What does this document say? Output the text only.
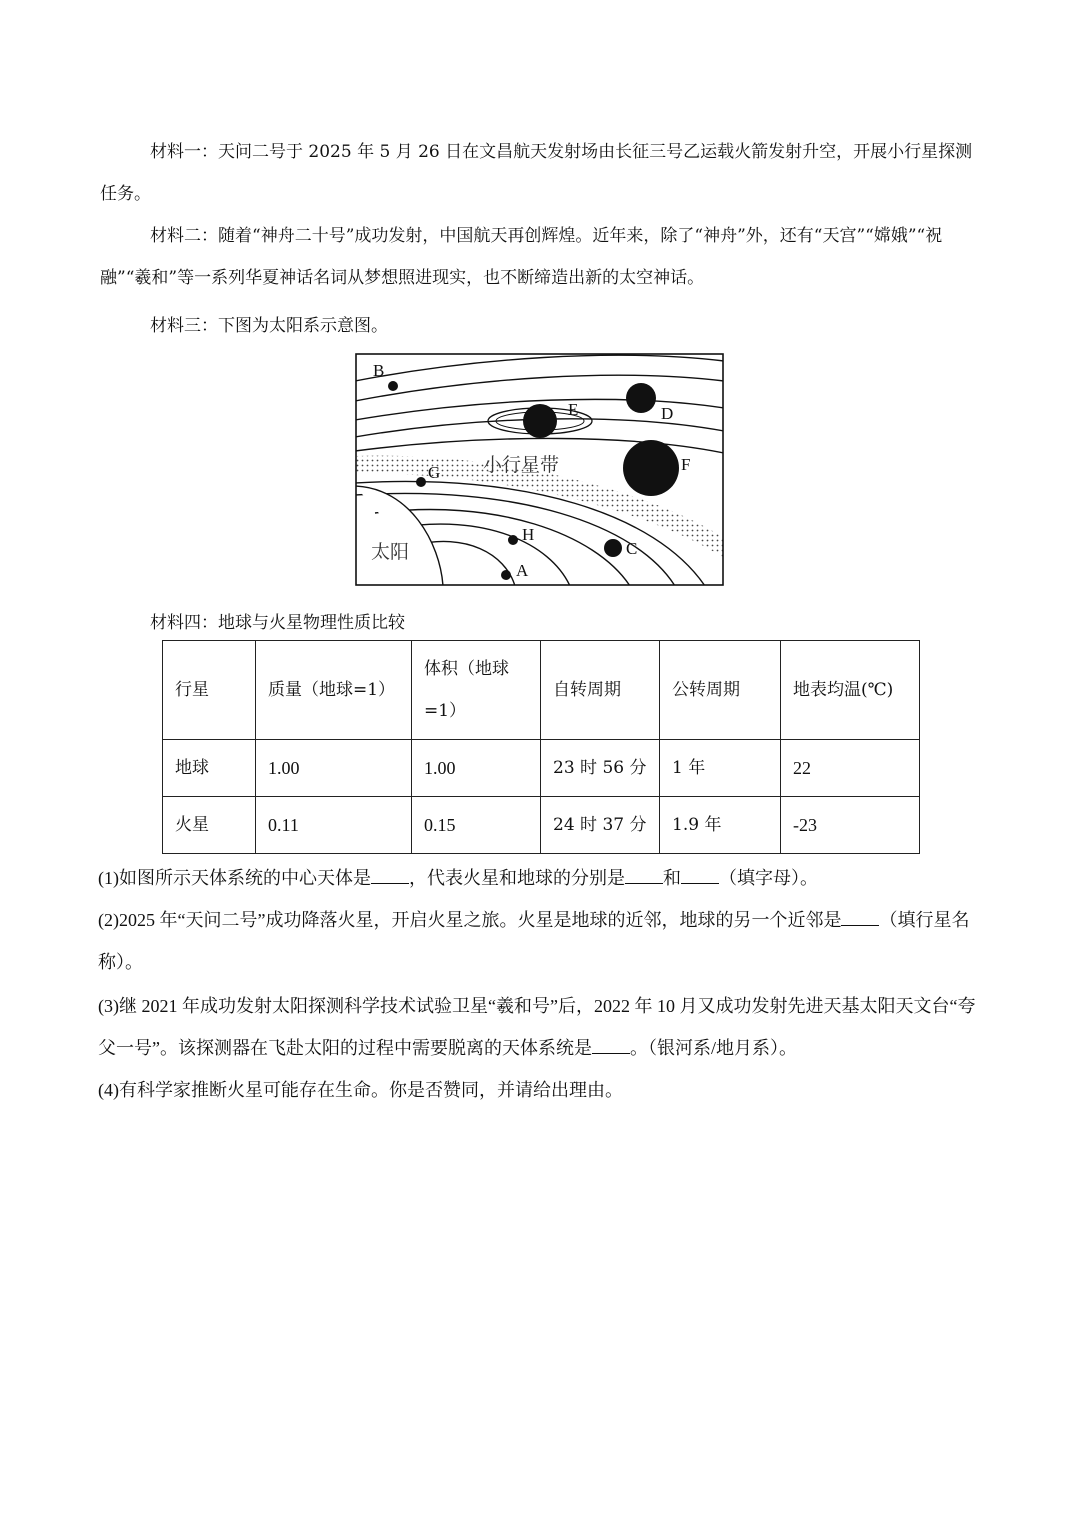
材料一：天问二号于 2025 年 5 月 26 日在文昌航天发射场由长征三号乙运载火箭发射升空，开展小行星探测任务。

材料二：随着“神舟二十号”成功发射，中国航天再创辉煌。近年来，除了“神舟”外，还有“天宫”“嫦娥”“祝融”“羲和”等一系列华夏神话名词从梦想照进现实，也不断缔造出新的太空神话。

材料三：下图为太阳系示意图。

B
E	D
F
G
H
C
A
小行星带
太阳

材料四：地球与火星物理性质比较

行星	质量（地球=1）	体积（地球=1）	自转周期	公转周期	地表均温(℃)
地球	1.00	1.00	23 时 56 分	1 年	22
火星	0.11	0.15	24 时 37 分	1.9 年	-23

(1)如图所示天体系统的中心天体是 ，代表火星和地球的分别是 和 （填字母）。

(2)2025 年“天问二号”成功降落火星，开启火星之旅。火星是地球的近邻，地球的另一个近邻是 （填行星名称）。

(3)继 2021 年成功发射太阳探测科学技术试验卫星“羲和号”后，2022 年 10 月又成功发射先进天基太阳天文台“夸父一号”。该探测器在飞赴太阳的过程中需要脱离的天体系统是 。（银河系/地月系）。

(4)有科学家推断火星可能存在生命。你是否赞同，并请给出理由。
